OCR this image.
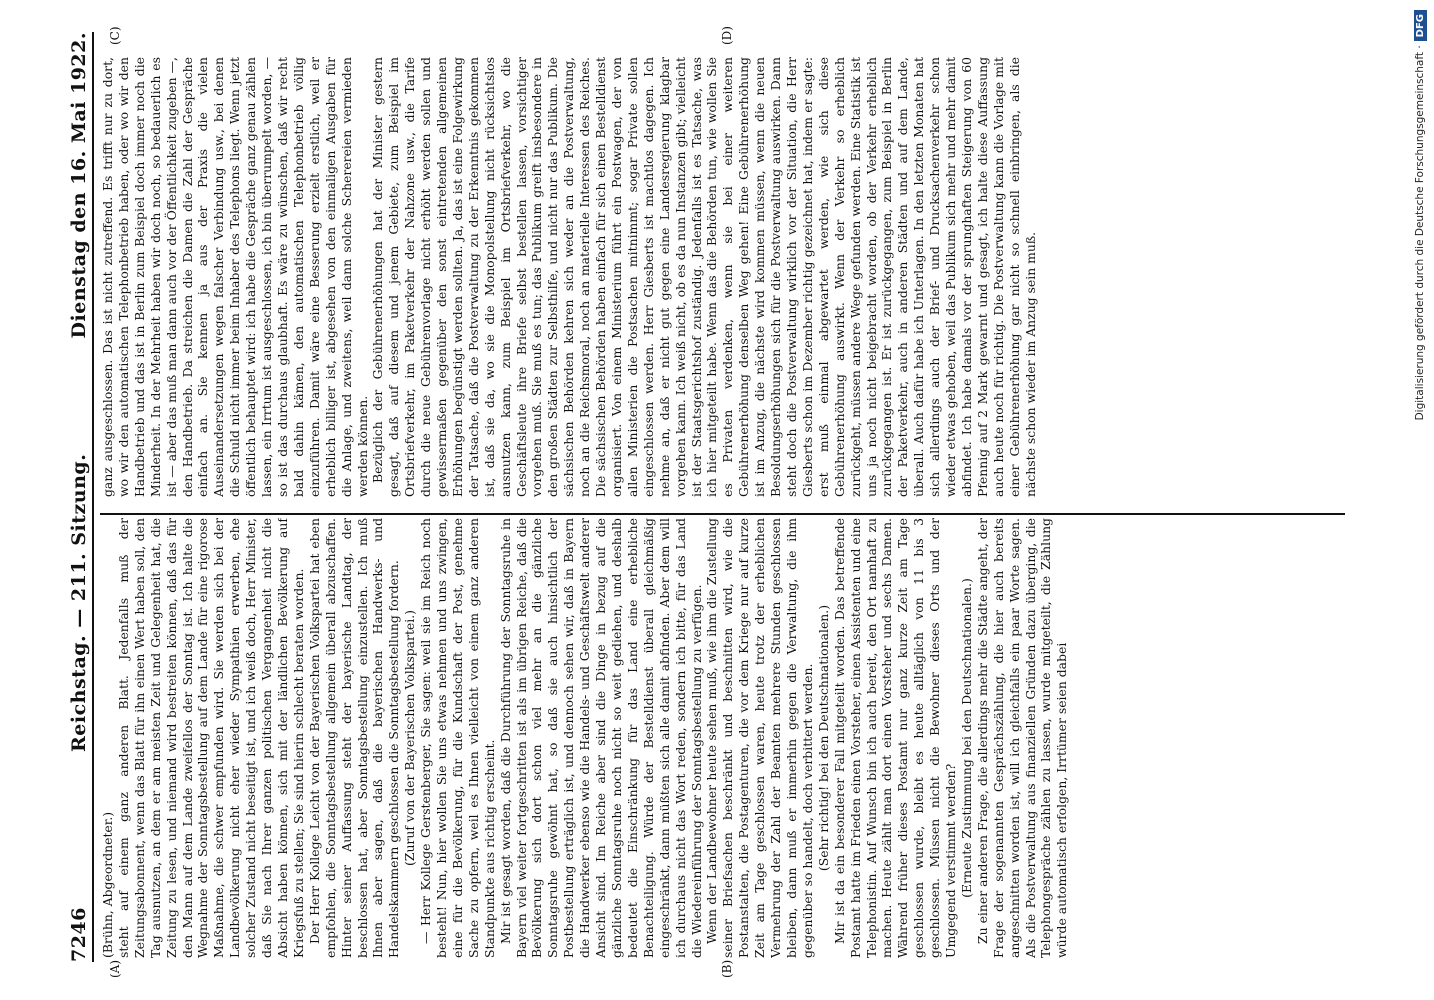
7246
Reichstag. — 211. Sitzung.
Dienstag den 16. Mai 1922.
(A)	(B)
(C)	(D)

(Brühn, Abgeordneter.) steht auf einem ganz anderen Blatt. Jedenfalls muß der Zeitungsabonnent, wenn das Blatt für ihn einen Wert haben soll, den Tag ausnutzen, an dem er am meisten Zeit und Gelegenheit hat, die Zeitung zu lesen, und niemand wird bestreiten können, daß das für den Mann auf dem Lande zweifellos der Sonntag ist. Ich halte die Wegnahme der Sonntagsbestellung auf dem Lande für eine rigorose Maßnahme, die schwer empfunden wird. Sie werden sich bei der Landbevölkerung nicht eher wieder Sympathien erwerben, ehe solcher Zustand nicht beseitigt ist, und ich weiß doch, Herr Minister, daß Sie nach Ihrer ganzen politischen Vergangenheit nicht die Absicht haben können, sich mit der ländlichen Bevölkerung auf Kriegsfuß zu stellen; Sie sind hierin schlecht beraten worden. Der Herr Kollege Leicht von der Bayerischen Volkspartei hat eben empfohlen, die Sonntagsbestellung allgemein überall abzuschaffen. Hinter seiner Auffassung steht der bayerische Landtag, der beschlossen hat, aber Sonntagsbestellung einzustellen. Ich muß Ihnen aber sagen, daß die bayerischen Handwerks- und Handelskammern geschlossen die Sonntagsbestellung fordern. (Zuruf von der Bayerischen Volkspartei.) — Herr Kollege Gerstenberger, Sie sagen: weil sie im Reich noch besteht! Nun, hier wollen Sie uns etwas nehmen und uns zwingen, eine für die Bevölkerung, für die Kundschaft der Post, genehme Sache zu opfern, weil es Ihnen vielleicht von einem ganz anderen Standpunkte aus richtig erscheint. Mir ist gesagt worden, daß die Durchführung der Sonntagsruhe in Bayern viel weiter fortgeschritten ist als im übrigen Reiche, daß die Bevölkerung sich dort schon viel mehr an die gänzliche Sonntagsruhe gewöhnt hat, so daß sie auch hinsichtlich der Postbestellung erträglich ist, und dennoch sehen wir, daß in Bayern die Handwerker ebenso wie die Handels- und Geschäftswelt anderer Ansicht sind. Im Reiche aber sind die Dinge in bezug auf die gänzliche Sonntagsruhe noch nicht so weit gediehen, und deshalb bedeutet die Einschränkung für das Land eine erhebliche Benachteiligung. Würde der Bestelldienst überall gleichmäßig eingeschränkt, dann müßten sich alle damit abfinden. Aber dem will ich durchaus nicht das Wort reden, sondern ich bitte, für das Land die Wiedereinführung der Sonntagsbestellung zu verfügen. Wenn der Landbewohner heute sehen muß, wie ihm die Zustellung seiner Briefsachen beschränkt und beschnitten wird, wie die Postanstalten, die Postagenturen, die vor dem Kriege nur auf kurze Zeit am Tage geschlossen waren, heute trotz der erheblichen Vermehrung der Zahl der Beamten mehrere Stunden geschlossen bleiben, dann muß er immerhin gegen die Verwaltung, die ihm gegenüber so handelt, doch verbittert werden. (Sehr richtig! bei den Deutschnationalen.) Mir ist da ein besonderer Fall mitgeteilt worden. Das betreffende Postamt hatte im Frieden einen Vorsteher, einen Assistenten und eine Telephonistin. Auf Wunsch bin ich auch bereit, den Ort namhaft zu machen. Heute zählt man dort einen Vorsteher und sechs Damen. Während früher dieses Postamt nur ganz kurze Zeit am Tage geschlossen wurde, bleibt es heute alltäglich von 11 bis 3 geschlossen. Müssen nicht die Bewohner dieses Orts und der Umgegend verstimmt werden? (Erneute Zustimmung bei den Deutschnationalen.) Zu einer anderen Frage, die allerdings mehr die Städte angeht, der Frage der sogenannten Gesprächszählung, die hier auch bereits angeschnitten worden ist, will ich gleichfalls ein paar Worte sagen. Als die Postverwaltung aus finanziellen Gründen dazu überging, die Telephongespräche zählen zu lassen, wurde mitgeteilt, die Zählung würde automatisch erfolgen, Irrtümer seien dabei

ganz ausgeschlossen. Das ist nicht zutreffend. Es trifft nur zu dort, wo wir den automatischen Telephonbetrieb haben, oder wo wir den Handbetrieb und das ist in Berlin zum Beispiel doch immer noch die Minderheit. In der Mehrheit haben wir doch noch, so bedauerlich es ist — aber das muß man dann auch vor der Öffentlichkeit zugeben —, den Handbetrieb. Da streichen die Damen die Zahl der Gespräche einfach an. Sie kennen ja aus der Praxis die vielen Auseinandersetzungen wegen falscher Verbindung usw., bei denen die Schuld nicht immer beim Inhaber des Telephons liegt. Wenn jetzt öffentlich behauptet wird: ich habe die Gespräche ganz genau zählen lassen, ein Irrtum ist ausgeschlossen, ich bin überrumpelt worden, — so ist das durchaus glaubhaft. Es wäre zu wünschen, daß wir recht bald dahin kämen, den automatischen Telephonbetrieb völlig einzuführen. Damit wäre eine Besserung erzielt erstlich, weil er erheblich billiger ist, abgesehen von den einmaligen Ausgaben für die Anlage, und zweitens, weil dann solche Scherereien vermieden werden können. Bezüglich der Gebührenerhöhungen hat der Minister gestern gesagt, daß auf diesem und jenem Gebiete, zum Beispiel im Ortsbriefverkehr, im Paketverkehr der Nahzone usw., die Tarife durch die neue Gebührenvorlage nicht erhöht werden sollen und gewissermaßen gegenüber den sonst eintretenden allgemeinen Erhöhungen begünstigt werden sollten. Ja, das ist eine Folgewirkung der Tatsache, daß die Postverwaltung zu der Erkenntnis gekommen ist, daß sie da, wo sie die Monopolstellung nicht rücksichtslos ausnutzen kann, zum Beispiel im Ortsbriefverkehr, wo die Geschäftsleute ihre Briefe selbst bestellen lassen, vorsichtiger vorgehen muß. Sie muß es tun; das Publikum greift insbesondere in den großen Städten zur Selbsthilfe, und nicht nur das Publikum. Die sächsischen Behörden kehren sich weder an die Postverwaltung, noch an die Reichsmoral, noch an materielle Interessen des Reiches. Die sächsischen Behörden haben einfach für sich einen Bestelldienst organisiert. Von einem Ministerium führt ein Postwagen, der von allen Ministerien die Postsachen mitnimmt; sogar Private sollen eingeschlossen werden. Herr Giesberts ist machtlos dagegen. Ich nehme an, daß er nicht gut gegen eine Landesregierung klagbar vorgehen kann. Ich weiß nicht, ob es da nun Instanzen gibt; vielleicht ist der Staatsgerichtshof zuständig. Jedenfalls ist es Tatsache, was ich hier mitgeteilt habe. Wenn das die Behörden tun, wie wollen Sie es Privaten verdenken, wenn sie bei einer weiteren Gebührenerhöhung denselben Weg gehen! Eine Gebührenerhöhung ist im Anzug, die nächste wird kommen müssen, wenn die neuen Besoldungserhöhungen sich für die Postverwaltung auswirken. Dann steht doch die Postverwaltung wirklich vor der Situation, die Herr Giesberts schon im Dezember richtig gezeichnet hat, indem er sagte: erst muß einmal abgewartet werden, wie sich diese Gebührenerhöhung auswirkt. Wenn der Verkehr so erheblich zurückgeht, müssen andere Wege gefunden werden. Eine Statistik ist uns ja noch nicht beigebracht worden, ob der Verkehr erheblich zurückgegangen ist. Er ist zurückgegangen, zum Beispiel in Berlin der Paketverkehr, auch in anderen Städten und auf dem Lande, überall. Auch dafür habe ich Unterlagen. In den letzten Monaten hat sich allerdings auch der Brief- und Drucksachenverkehr schon wieder etwas gehoben, weil das Publikum sich mehr und mehr damit abfindet. Ich habe damals vor der sprunghaften Steigerung von 60 Pfennig auf 2 Mark gewarnt und gesagt, ich halte diese Auffassung auch heute noch für richtig. Die Postverwaltung kann die Vorlage mit einer Gebührenerhöhung gar nicht so schnell einbringen, als die nächste schon wieder im Anzug sein muß.	Digitalisierung gefördert durch die Deutsche Forschungsgemeinschaft ·DFG
